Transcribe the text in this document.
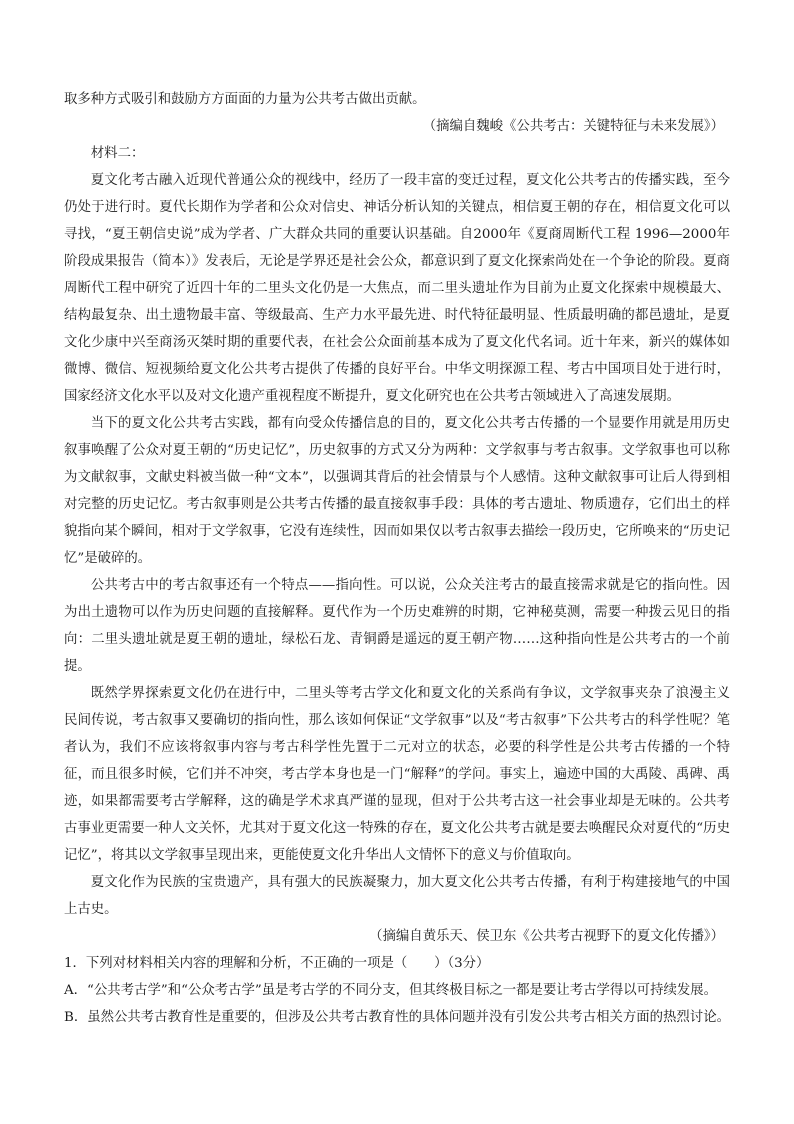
取多种方式吸引和鼓励方方面面的力量为公共考古做出贡献。

（摘编自魏峻《公共考古：关键特征与未来发展》）

材料二：

夏文化考古融入近现代普通公众的视线中，经历了一段丰富的变迁过程，夏文化公共考古的传播实践，至今仍处于进行时。夏代长期作为学者和公众对信史、神话分析认知的关键点，相信夏王朝的存在，相信夏文化可以寻找，“夏王朝信史说”成为学者、广大群众共同的重要认识基础。自2000年《夏商周断代工程 1996—2000年阶段成果报告（简本）》发表后，无论是学界还是社会公众，都意识到了夏文化探索尚处在一个争论的阶段。夏商周断代工程中研究了近四十年的二里头文化仍是一大焦点，而二里头遗址作为目前为止夏文化探索中规模最大、结构最复杂、出土遗物最丰富、等级最高、生产力水平最先进、时代特征最明显、性质最明确的都邑遗址，是夏文化少康中兴至商汤灭桀时期的重要代表，在社会公众面前基本成为了夏文化代名词。近十年来，新兴的媒体如微博、微信、短视频给夏文化公共考古提供了传播的良好平台。中华文明探源工程、考古中国项目处于进行时，国家经济文化水平以及对文化遗产重视程度不断提升，夏文化研究也在公共考古领域进入了高速发展期。

当下的夏文化公共考古实践，都有向受众传播信息的目的，夏文化公共考古传播的一个显要作用就是用历史叙事唤醒了公众对夏王朝的“历史记忆”，历史叙事的方式又分为两种：文学叙事与考古叙事。文学叙事也可以称为文献叙事，文献史料被当做一种“文本”，以强调其背后的社会情景与个人感情。这种文献叙事可让后人得到相对完整的历史记忆。考古叙事则是公共考古传播的最直接叙事手段：具体的考古遗址、物质遗存，它们出土的样貌指向某个瞬间，相对于文学叙事，它没有连续性，因而如果仅以考古叙事去描绘一段历史，它所唤来的“历史记忆”是破碎的。

公共考古中的考古叙事还有一个特点——指向性。可以说，公众关注考古的最直接需求就是它的指向性。因为出土遗物可以作为历史问题的直接解释。夏代作为一个历史难辨的时期，它神秘莫测，需要一种拨云见日的指向：二里头遗址就是夏王朝的遗址，绿松石龙、青铜爵是遥远的夏王朝产物……这种指向性是公共考古的一个前提。

既然学界探索夏文化仍在进行中，二里头等考古学文化和夏文化的关系尚有争议，文学叙事夹杂了浪漫主义民间传说，考古叙事又要确切的指向性，那么该如何保证“文学叙事”以及“考古叙事”下公共考古的科学性呢？笔者认为，我们不应该将叙事内容与考古科学性先置于二元对立的状态，必要的科学性是公共考古传播的一个特征，而且很多时候，它们并不冲突，考古学本身也是一门“解释”的学问。事实上，遍迹中国的大禹陵、禹碑、禹迹，如果都需要考古学解释，这的确是学术求真严谨的显现，但对于公共考古这一社会事业却是无味的。公共考古事业更需要一种人文关怀，尤其对于夏文化这一特殊的存在，夏文化公共考古就是要去唤醒民众对夏代的“历史记忆”，将其以文学叙事呈现出来，更能使夏文化升华出人文情怀下的意义与价值取向。

夏文化作为民族的宝贵遗产，具有强大的民族凝聚力，加大夏文化公共考古传播，有利于构建接地气的中国上古史。

（摘编自黄乐天、侯卫东《公共考古视野下的夏文化传播》）

1．下列对材料相关内容的理解和分析，不正确的一项是（　　）（3分）

A．“公共考古学”和“公众考古学”虽是考古学的不同分支，但其终极目标之一都是要让考古学得以可持续发展。

B．虽然公共考古教育性是重要的，但涉及公共考古教育性的具体问题并没有引发公共考古相关方面的热烈讨论。
